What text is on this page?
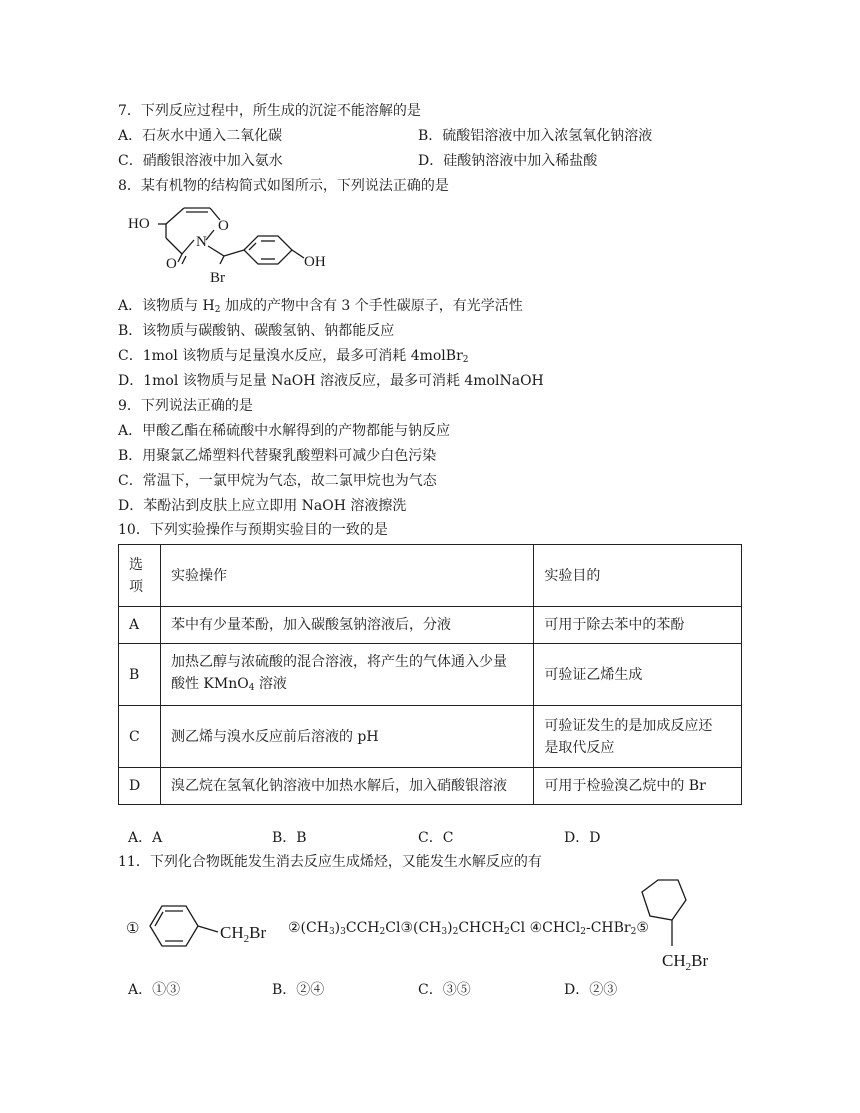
7．下列反应过程中，所生成的沉淀不能溶解的是
A．石灰水中通入二氧化碳	B．硫酸铝溶液中加入浓氢氧化钠溶液
C．硝酸银溶液中加入氨水	D．硅酸钠溶液中加入稀盐酸
8．某有机物的结构简式如图所示，下列说法正确的是
HO	O
N
O
Br
OH
A．该物质与 $H_2$ 加成的产物中含有 3 个手性碳原子，有光学活性
B．该物质与碳酸钠、碳酸氢钠、钠都能反应
C．1mol 该物质与足量溴水反应，最多可消耗 4molBr$_2$
D．1mol 该物质与足量 NaOH 溶液反应，最多可消耗 4molNaOH
9．下列说法正确的是
A．甲酸乙酯在稀硫酸中水解得到的产物都能与钠反应
B．用聚氯乙烯塑料代替聚乳酸塑料可减少白色污染
C．常温下，一氯甲烷为气态，故二氯甲烷也为气态
D．苯酚沾到皮肤上应立即用 NaOH 溶液擦洗
10．下列实验操作与预期实验目的一致的是
选
项	实验操作	实验目的
A	苯中有少量苯酚，加入碳酸氢钠溶液后，分液	可用于除去苯中的苯酚
B	加热乙醇与浓硫酸的混合溶液，将产生的气体通入少量
酸性 KMnO$_4$ 溶液	可验证乙烯生成
C	测乙烯与溴水反应前后溶液的 pH	可验证发生的是加成反应还
是取代反应

D	溴乙烷在氢氧化钠溶液中加热水解后，加入硝酸银溶液	可用于检验溴乙烷中的 Br
A．A	B．B	C．C	D．D
11．下列化合物既能发生消去反应生成烯烃，又能发生水解反应的有
①	$CH_2Br$ $②(CH_3)_3CCH_2Cl③(CH_3)_2CHCH_2Cl$ ④CHCl$_2$-CHBr$_2$⑤
$CH_2Br$
A．①③	B．②④	C．③⑤	D．②③
